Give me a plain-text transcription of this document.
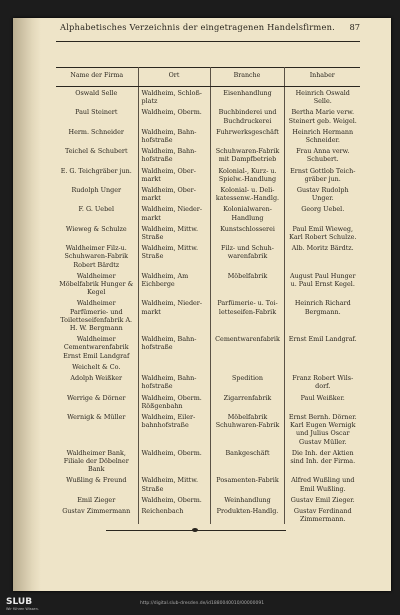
Alphabetisches Verzeichnis der eingetragenen Handelsfirmen. 87
Name der Firma	Ort	Branche	Inhaber
Oswald Selle	Waldheim, Schloß-platz	Eisenhandlung	Heinrich Oswald Selle.
Paul Steinert	Waldheim, Oberm.	Buchbinderei und Buchdruckerei	Bertha Marie verw. Steinert geb. Weigel.
Herm. Schneider	Waldheim, Bahn-hofstraße	Fuhrwerksgeschäft	Heinrich Hermann Schneider.
Teichel & Schubert	Waldheim, Bahn-hofstraße	Schuhwaren-Fabrik mit Dampfbetrieb	Frau Anna verw. Schubert.
E. G. Teichgräber jun.	Waldheim, Ober-markt	Kolonial-, Kurz- u. Spielw.-Handlung	Ernst Gottlob Teich-gräber jun.
Rudolph Unger	Waldheim, Ober-markt	Kolonial- u. Deli-katessenw.-Handlg.	Gustav Rudolph Unger.
F. G. Uebel	Waldheim, Nieder-markt	Kolonialwaren-Handlung	Georg Uebel.
Wieweg & Schulze	Waldheim, Mittw. Straße	Kunstschlosserei	Paul Emil Wieweg, Karl Robert Schulze.
Waldheimer Filz-u. Schuhwaren-Fabrik Robert Bärdtz	Waldheim, Mittw. Straße	Filz- und Schuh-warenfabrik	Alb. Moritz Bärdtz.
Waldheimer Möbelfabrik Hunger & Kegel	Waldheim, Am Eichberge	Möbelfabrik	August Paul Hunger u. Paul Ernst Kegel.
Waldheimer Parfümerie- und Toiletteseifenfabrik A. H. W. Bergmann	Waldheim, Nieder-markt	Parfümerie- u. Toi-letteseifen-Fabrik	Heinrich Richard Bergmann.
Waldheimer Cementwarenfabrik Ernst Emil Landgraf	Waldheim, Bahn-hofstraße	Cementwarenfabrik	Ernst Emil Landgraf.
Weichelt & Co.			
Adolph Weißker	Waldheim, Bahn-hofstraße	Spedition	Franz Robert Wils-dorf.
Werrige & Dörner	Waldheim, Oberm. Rößgenbahn	Zigarrenfabrik	Paul Weißker.
Wernigk & Müller	Waldheim, Eiler-bahnhofstraße	Möbelfabrik Schuhwaren-Fabrik	Ernst Bernh. Dörner. Karl Eugen Wernigk und Julius Oscar Gustav Müller.
Waldheimer Bank, Filiale der Döbelner Bank	Waldheim, Oberm.	Bankgeschäft	Die Inh. der Aktien sind Inh. der Firma.
Wußling & Freund	Waldheim, Mittw. Straße	Posamenten-Fabrik	Alfred Wußling und Emil Wußling.
Emil Zieger	Waldheim, Oberm.	Weinhandlung	Gustav Emil Zieger.
Gustav Zimmermann	Reichenbach	Produkten-Handlg.	Gustav Ferdinand Zimmermann.
SLUB
Wir führen Wissen.
http://digital.slub-dresden.de/id1880040010/00000091
